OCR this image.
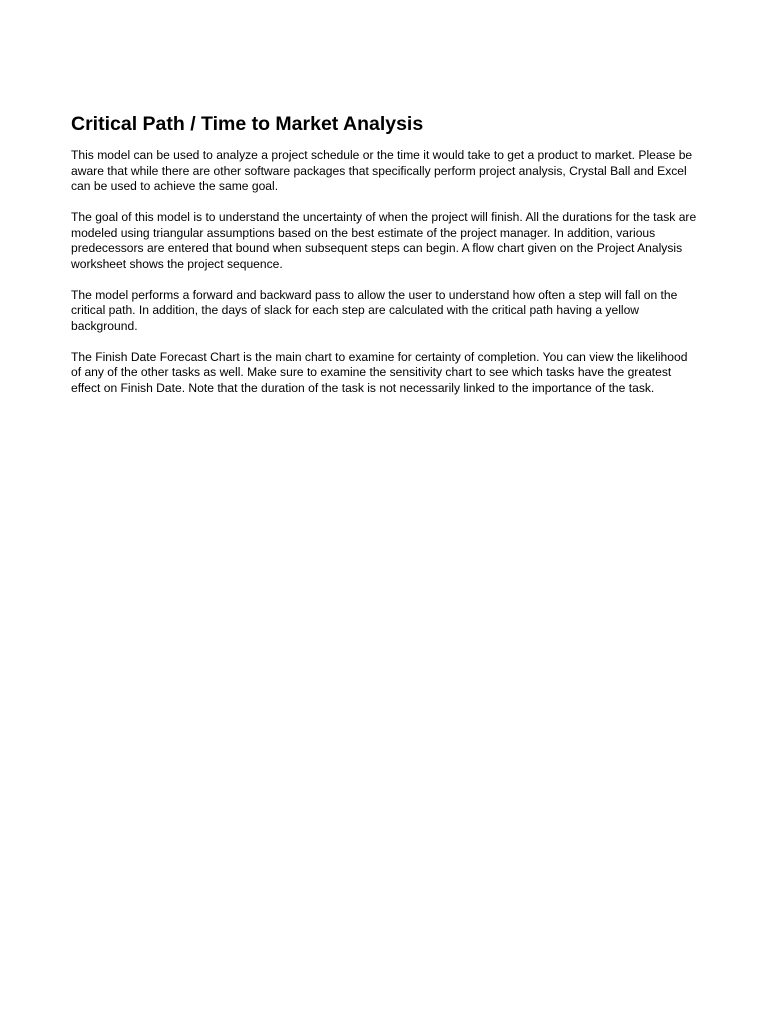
Critical Path / Time to Market Analysis

This model can be used to analyze a project schedule or the time it would take to get a product to market. Please be aware that while there are other software packages that specifically perform project analysis, Crystal Ball and Excel can be used to achieve the same goal.

The goal of this model is to understand the uncertainty of when the project will finish. All the durations for the task are modeled using triangular assumptions based on the best estimate of the project manager. In addition, various predecessors are entered that bound when subsequent steps can begin. A flow chart given on the Project Analysis worksheet shows the project sequence.

The model performs a forward and backward pass to allow the user to understand how often a step will fall on the critical path. In addition, the days of slack for each step are calculated with the critical path having a yellow background.

The Finish Date Forecast Chart is the main chart to examine for certainty of completion. You can view the likelihood of any of the other tasks as well. Make sure to examine the sensitivity chart to see which tasks have the greatest effect on Finish Date. Note that the duration of the task is not necessarily linked to the importance of the task.
